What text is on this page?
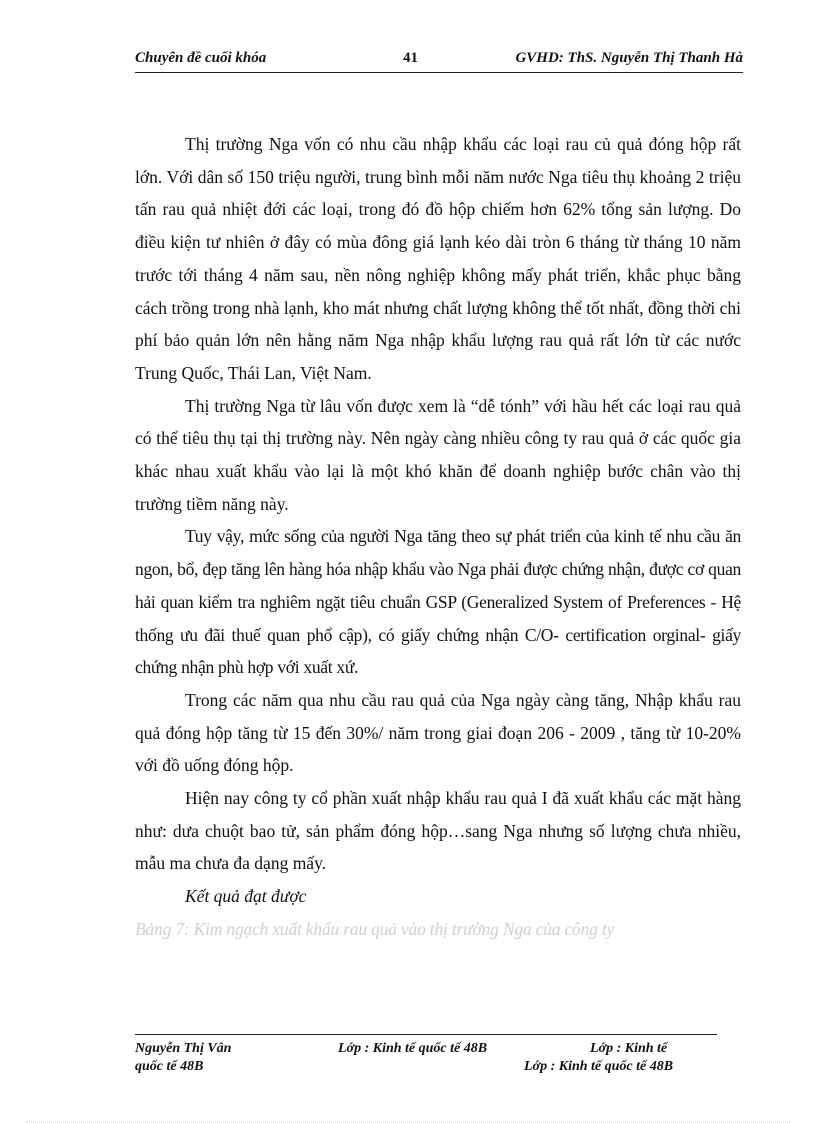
Chuyên đề cuối khóa	41	GVHD: ThS. Nguyễn Thị Thanh Hà

Thị trường Nga vốn có nhu cầu nhập khẩu các loại rau củ quả đóng hộp rất lớn. Với dân số 150 triệu người, trung bình mỗi năm nước Nga tiêu thụ khoảng 2 triệu tấn rau quả nhiệt đới các loại, trong đó đồ hộp chiếm hơn 62% tổng sản lượng. Do điều kiện tư nhiên ở đây có mùa đông giá lạnh kéo dài tròn 6 tháng từ tháng 10 năm trước tới tháng 4 năm sau, nền nông nghiệp không mấy phát triển, khắc phục bằng cách trồng trong nhà lạnh, kho mát nhưng chất lượng không thể tốt nhất, đồng thời chi phí bảo quản lớn nên hằng năm Nga nhập khẩu lượng rau quả rất lớn từ các nước Trung Quốc, Thái Lan, Việt Nam.

Thị trường Nga từ lâu vốn được xem là “dễ tónh” với hầu hết các loại rau quả có thể tiêu thụ tại thị trường này. Nên ngày càng nhiều công ty rau quả ở các quốc gia khác nhau xuất khẩu vào lại là một khó khăn để doanh nghiệp bước chân vào thị trường tiềm năng này.

Tuy vậy, mức sống của người Nga tăng theo sự phát triển của kinh tế nhu cầu ăn ngon, bổ, đẹp tăng lên hàng hóa nhập khẩu vào Nga phải được chứng nhận, được cơ quan hải quan kiểm tra nghiêm ngặt tiêu chuẩn GSP (Generalized System of Preferences - Hệ thống ưu đãi thuế quan phổ cập), có giấy chứng nhận C/O- certification orginal- giấy chứng nhận phù hợp với xuất xứ.

Trong các năm qua nhu cầu rau quả của Nga ngày càng tăng, Nhập khẩu rau quả đóng hộp tăng từ 15 đến 30%/ năm trong giai đoạn 206 - 2009 , tăng từ 10-20% với đồ uống đóng hộp.

Hiện nay công ty cổ phần xuất nhập khẩu rau quả I đã xuất khẩu các mặt hàng như: dưa chuột bao tử, sản phẩm đóng hộp…sang Nga nhưng số lượng chưa nhiều, mẫu ma chưa đa dạng mấy.

Kết quả đạt được

Bảng 7: Kim ngạch xuất khẩu rau quả vào thị trường Nga của công ty

Nguyễn Thị Vân	Lớp : Kinh tế quốc tế 48B	Lớp : Kinh tế
quốc tế 48B	Lớp : Kinh tế quốc tế 48B
